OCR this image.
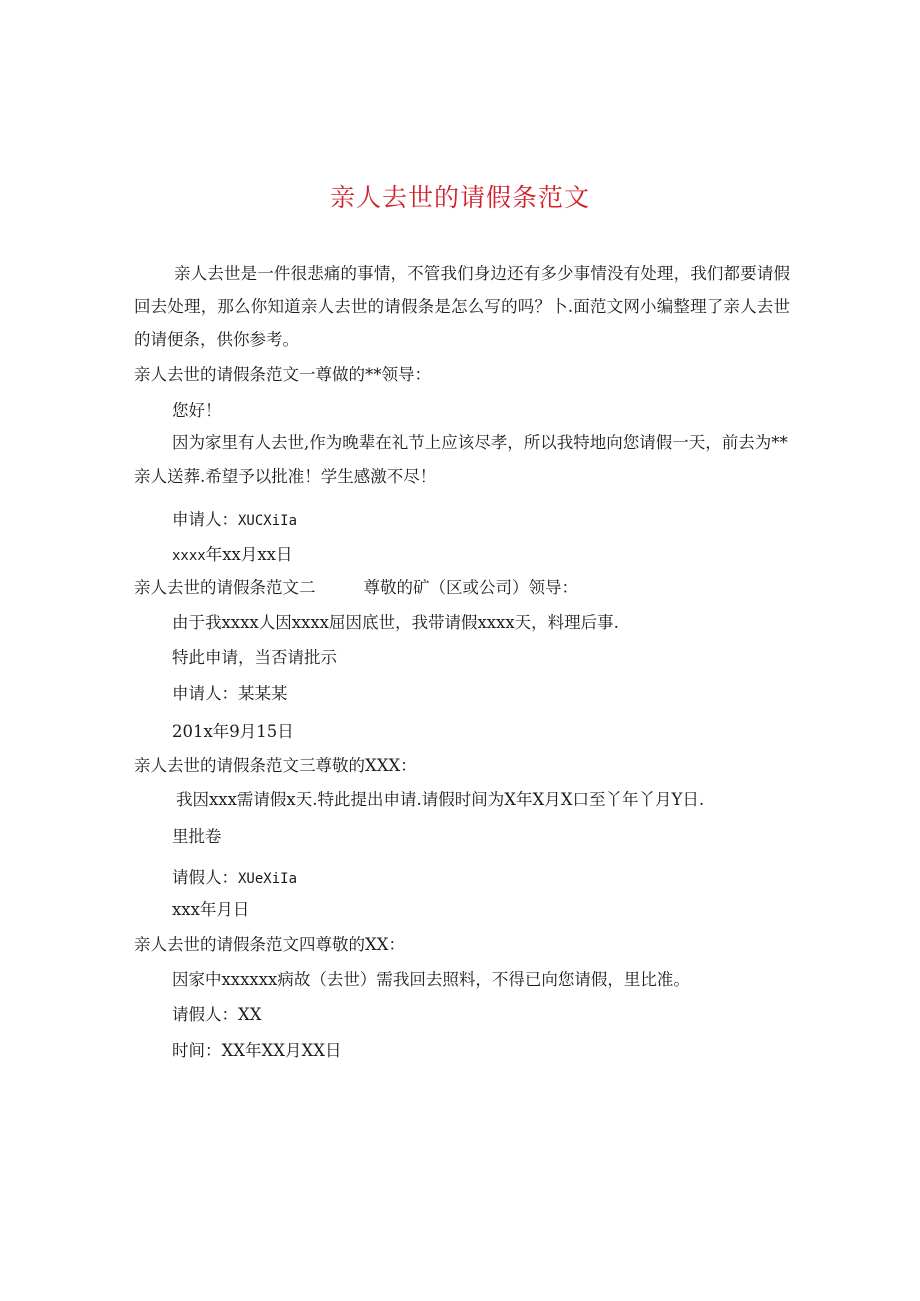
亲人去世的请假条范文
亲人去世是一件很悲痛的事情，不管我们身边还有多少事情没有处理，我们都要请假回去处理，那么你知道亲人去世的请假条是怎么写的吗？卜.面范文网小编整理了亲人去世的请便条，供你参考。
亲人去世的请假条范文一尊做的**领导：
您好！
因为家里有人去世,作为晚辈在礼节上应该尽孝，所以我特地向您请假一天，前去为**亲人送葬.希望予以批准！学生感激不尽！
申请人：XUCXiIa
xxxx年xx月xx日
亲人去世的请假条范文二	尊敬的矿（区或公司）领导：
由于我xxxx人因xxxx屈因底世，我带请假xxxx天，料理后事.
特此申请，当否请批示
申请人：某某某
201x年9月15日
亲人去世的请假条范文三尊敬的XXX：
我因xxx需请假x天.特此提出申请.请假时间为X年X月X口至丫年丫月Y日.
里批卷
请假人：XUeXiIa
xxx年月日
亲人去世的请假条范文四尊敬的XX：
因家中xxxxxx病故（去世）需我回去照料，不得已向您请假，里比准。
请假人：XX
时间：XX年XX月XX日
